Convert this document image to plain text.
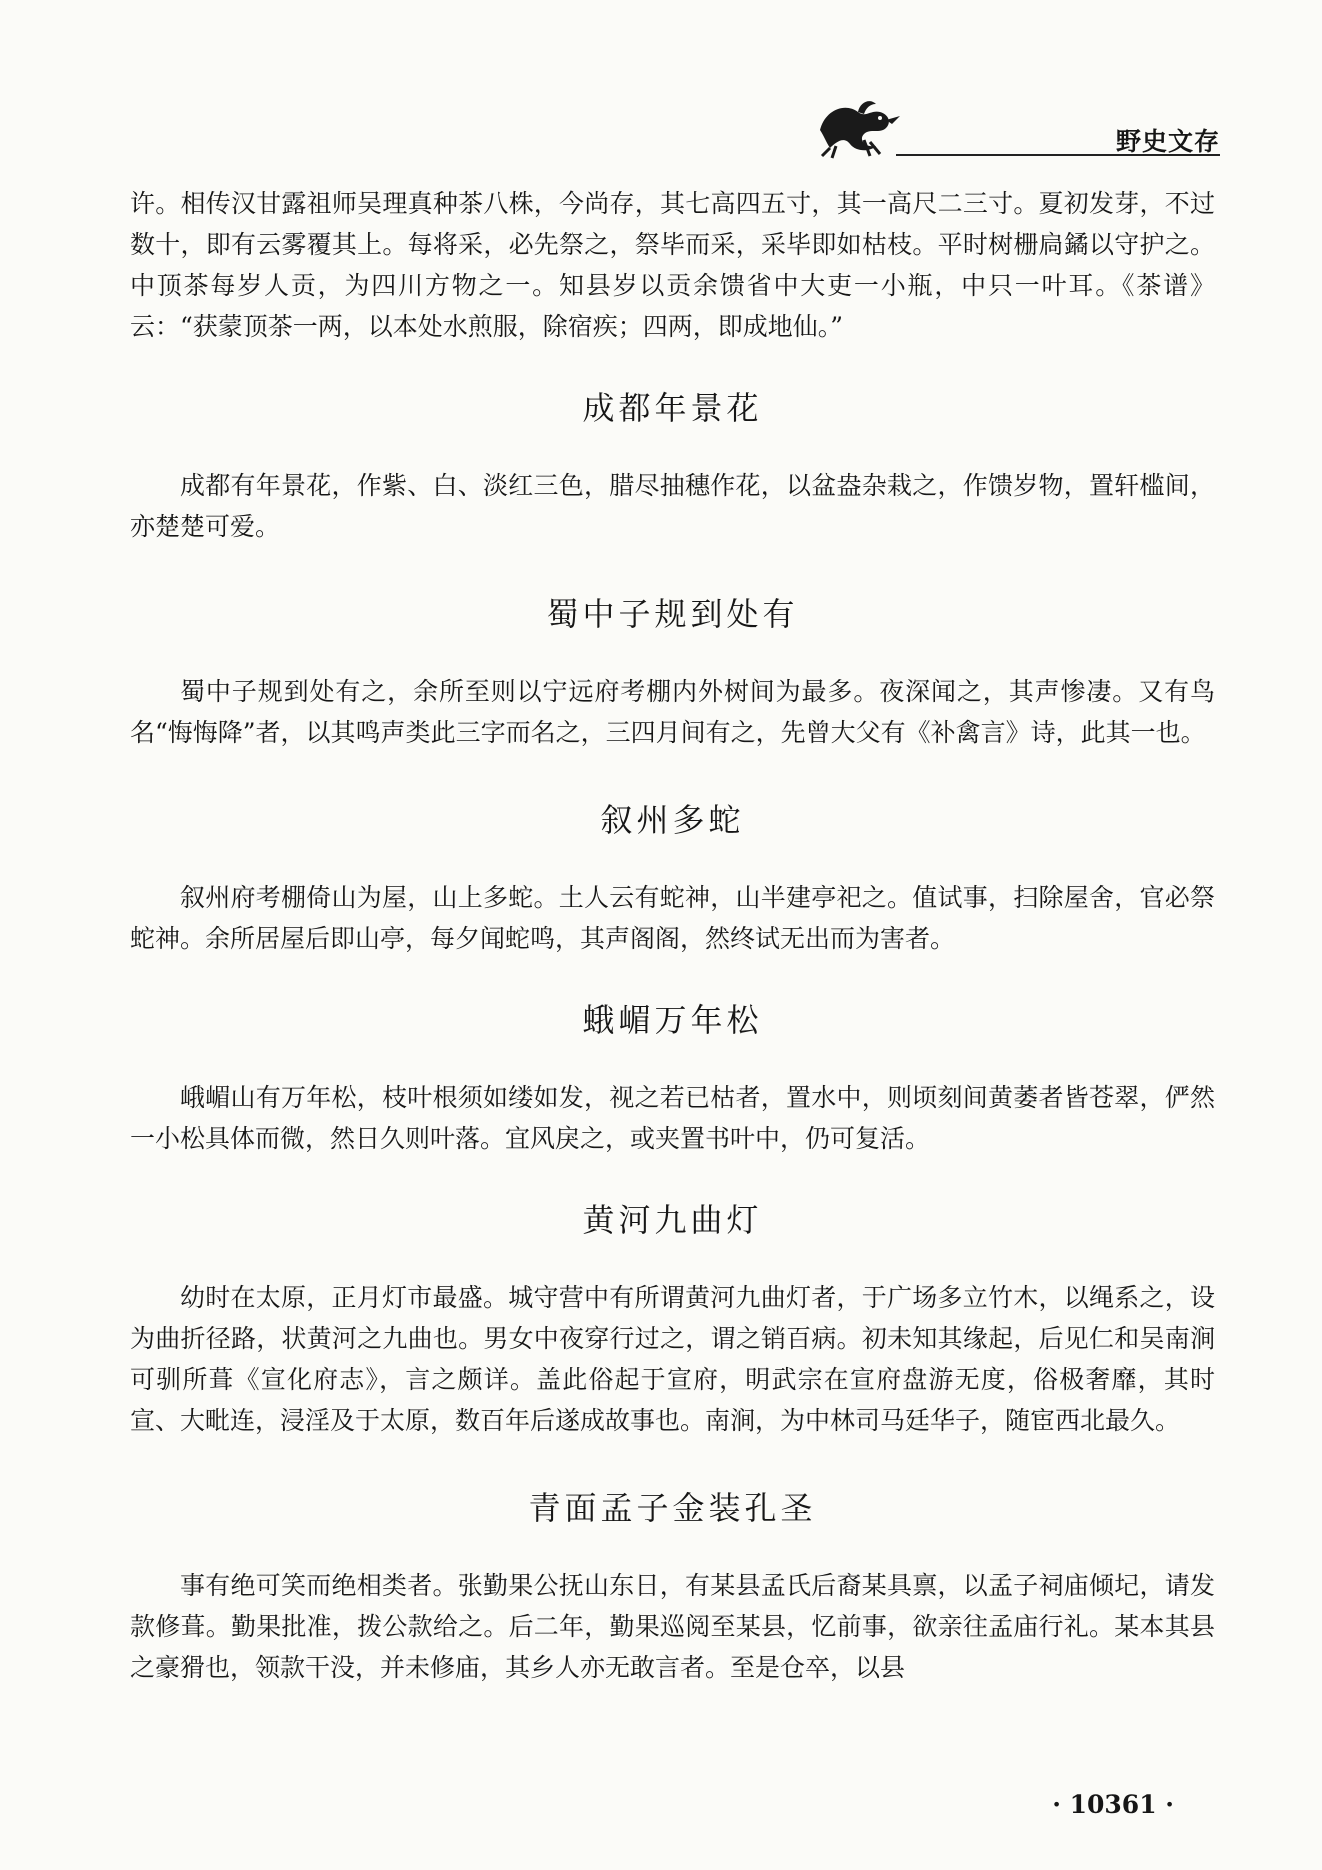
野史文存

许。相传汉甘露祖师吴理真种茶八株，今尚存，其七高四五寸，其一高尺二三寸。夏初发芽，不过数十，即有云雾覆其上。每将采，必先祭之，祭毕而采，采毕即如枯枝。平时树栅扃鐍以守护之。中顶茶每岁人贡，为四川方物之一。知县岁以贡余馈省中大吏一小瓶，中只一叶耳。《茶谱》云：“获蒙顶茶一两，以本处水煎服，除宿疾；四两，即成地仙。”

成都年景花

成都有年景花，作紫、白、淡红三色，腊尽抽穗作花，以盆盎杂栽之，作馈岁物，置轩槛间，亦楚楚可爱。

蜀中子规到处有

蜀中子规到处有之，余所至则以宁远府考棚内外树间为最多。夜深闻之，其声惨凄。又有鸟名“悔悔降”者，以其鸣声类此三字而名之，三四月间有之，先曾大父有《补禽言》诗，此其一也。

叙州多蛇

叙州府考棚倚山为屋，山上多蛇。土人云有蛇神，山半建亭祀之。值试事，扫除屋舍，官必祭蛇神。余所居屋后即山亭，每夕闻蛇鸣，其声阁阁，然终试无出而为害者。

蛾嵋万年松

峨嵋山有万年松，枝叶根须如缕如发，视之若已枯者，置水中，则顷刻间黄萎者皆苍翠，俨然一小松具体而微，然日久则叶落。宜风戾之，或夹置书叶中，仍可复活。

黄河九曲灯

幼时在太原，正月灯市最盛。城守营中有所谓黄河九曲灯者，于广场多立竹木，以绳系之，设为曲折径路，状黄河之九曲也。男女中夜穿行过之，谓之销百病。初未知其缘起，后见仁和吴南涧可驯所葺《宣化府志》，言之颇详。盖此俗起于宣府，明武宗在宣府盘游无度，俗极奢靡，其时宣、大毗连，浸淫及于太原，数百年后遂成故事也。南涧，为中林司马廷华子，随宦西北最久。

青面孟子金装孔圣

事有绝可笑而绝相类者。张勤果公抚山东日，有某县孟氏后裔某具禀，以孟子祠庙倾圮，请发款修葺。勤果批准，拨公款给之。后二年，勤果巡阅至某县，忆前事，欲亲往孟庙行礼。某本其县之豪猾也，领款干没，并未修庙，其乡人亦无敢言者。至是仓卒，以县

· 10361 ·
